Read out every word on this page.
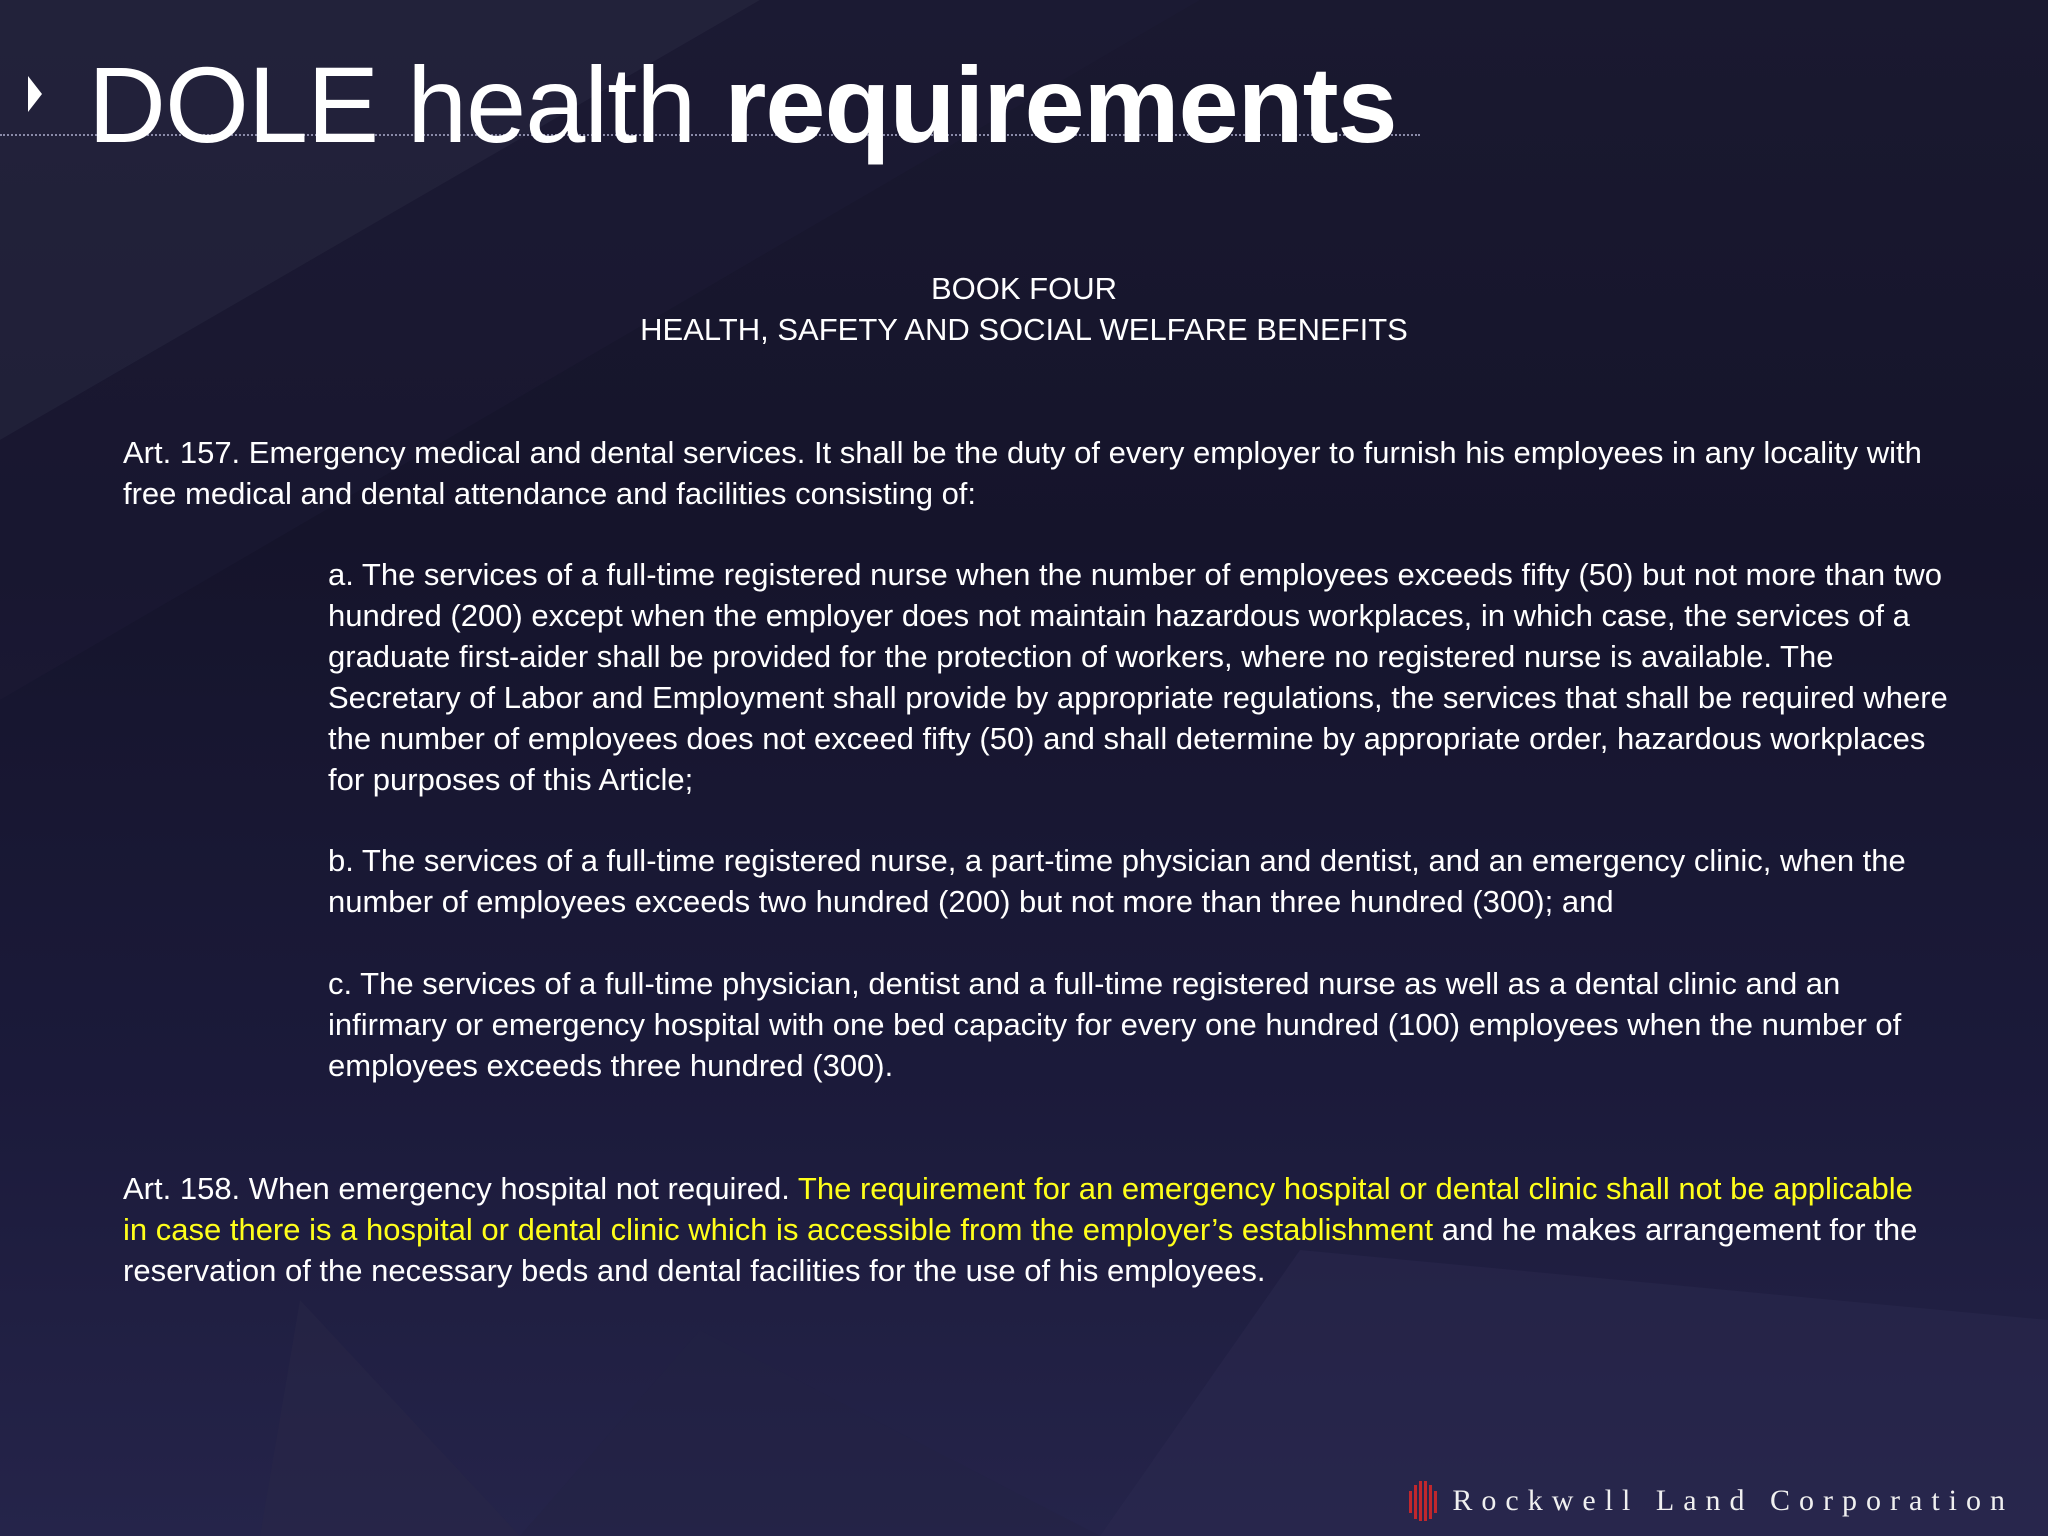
DOLE health requirements
BOOK FOUR
HEALTH, SAFETY AND SOCIAL WELFARE BENEFITS

Art. 157. Emergency medical and dental services. It shall be the duty of every employer to furnish his employees in any locality with free medical and dental attendance and facilities consisting of:

a. The services of a full-time registered nurse when the number of employees exceeds fifty (50) but not more than two hundred (200) except when the employer does not maintain hazardous workplaces, in which case, the services of a graduate first-aider shall be provided for the protection of workers, where no registered nurse is available. The Secretary of Labor and Employment shall provide by appropriate regulations, the services that shall be required where the number of employees does not exceed fifty (50) and shall determine by appropriate order, hazardous workplaces for purposes of this Article;

b. The services of a full-time registered nurse, a part-time physician and dentist, and an emergency clinic, when the number of employees exceeds two hundred (200) but not more than three hundred (300); and

c. The services of a full-time physician, dentist and a full-time registered nurse as well as a dental clinic and an infirmary or emergency hospital with one bed capacity for every one hundred (100) employees when the number of employees exceeds three hundred (300).

Art. 158. When emergency hospital not required. The requirement for an emergency hospital or dental clinic shall not be applicable in case there is a hospital or dental clinic which is accessible from the employer’s establishment and he makes arrangement for the reservation of the necessary beds and dental facilities for the use of his employees.

Rockwell Land Corporation
